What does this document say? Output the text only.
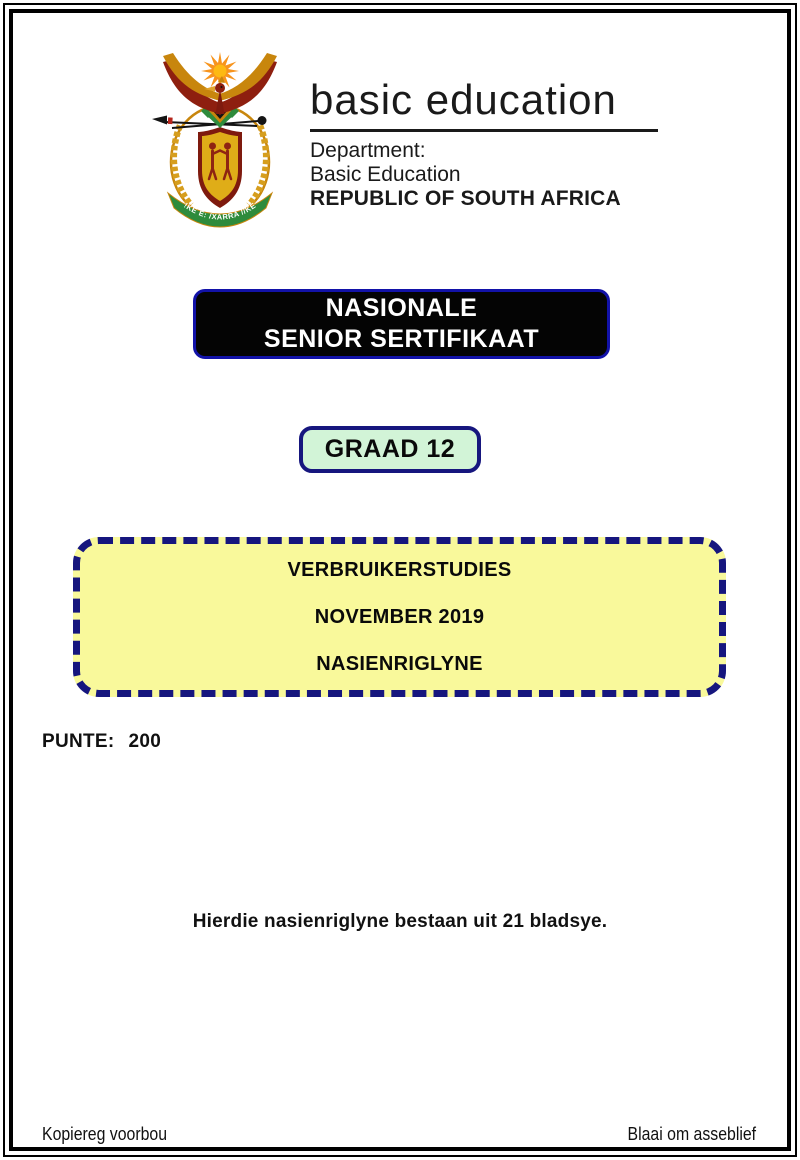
!KE E: /XARRA //KE
basic education
Department:
Basic Education
REPUBLIC OF SOUTH AFRICA
NASIONALE
SENIOR SERTIFIKAAT
GRAAD 12
VERBRUIKERSTUDIES
NOVEMBER 2019
NASIENRIGLYNE
PUNTE: 200
Hierdie nasienriglyne bestaan uit 21 bladsye.
Kopiereg voorbou	Blaai om asseblief
